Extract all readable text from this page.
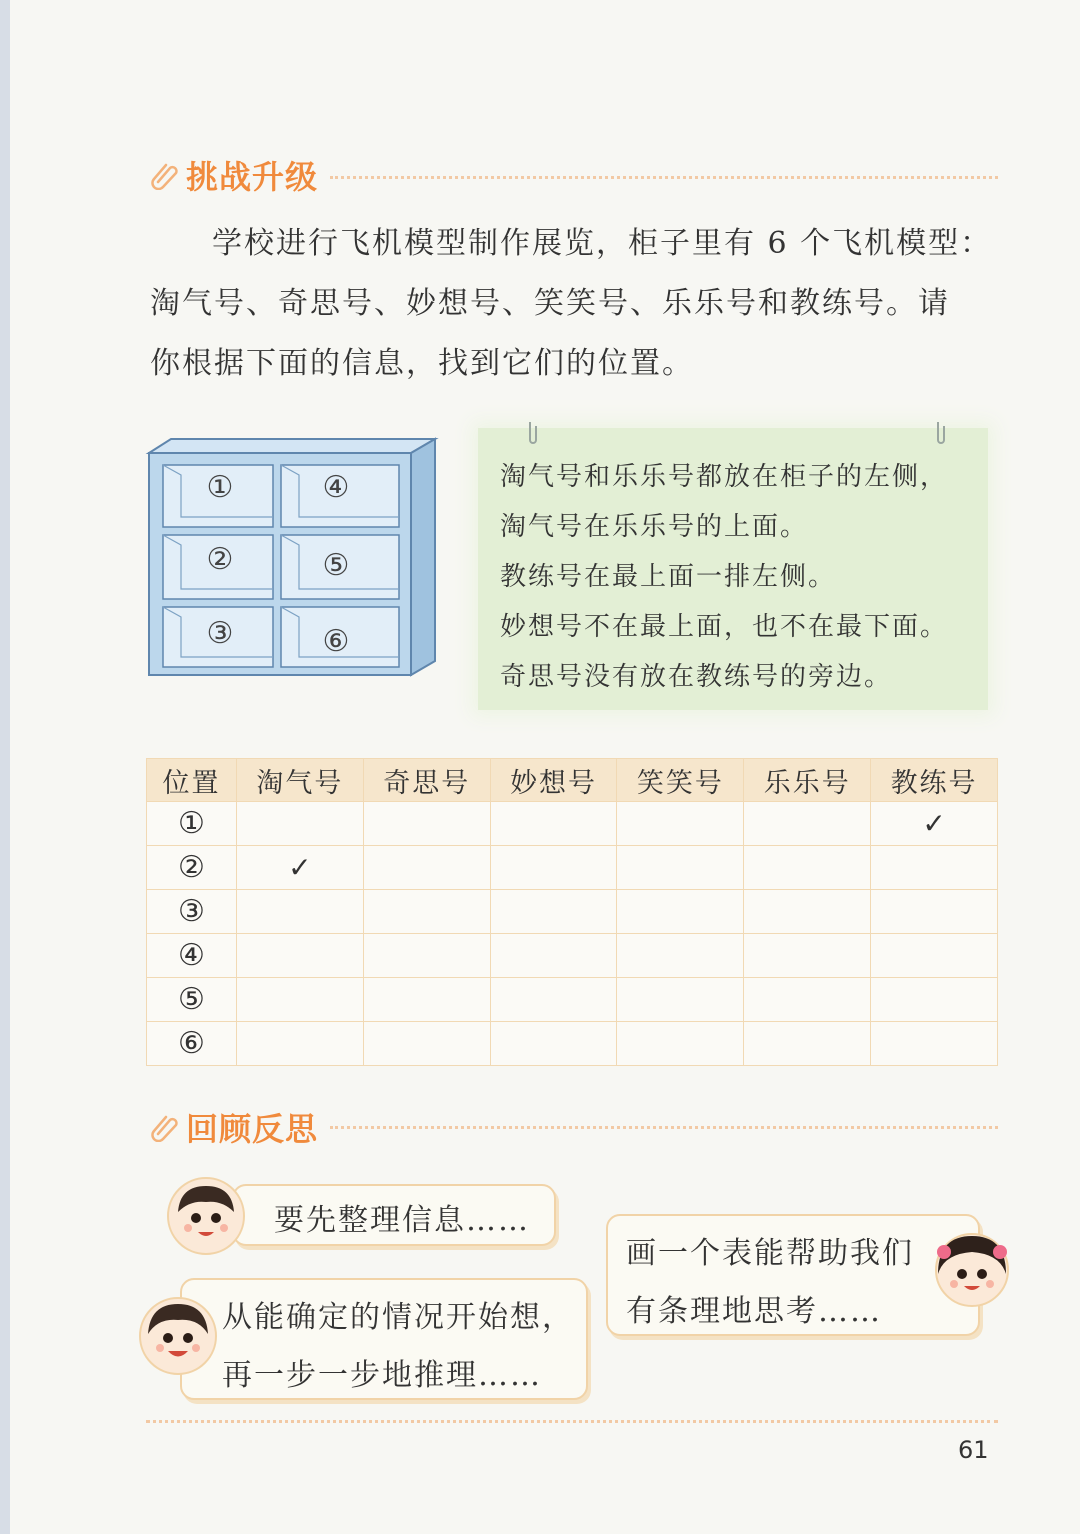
挑战升级

学校进行飞机模型制作展览，柜子里有 6 个飞机模型：

淘气号、奇思号、妙想号、笑笑号、乐乐号和教练号。请

你根据下面的信息，找到它们的位置。

①

②

③

④

⑤

⑥

淘气号和乐乐号都放在柜子的左侧，
淘气号在乐乐号的上面。
教练号在最上面一排左侧。
妙想号不在最上面，也不在最下面。
奇思号没有放在教练号的旁边。
位置	淘气号	奇思号	妙想号	笑笑号	乐乐号	教练号
①						✓
②	✓					
③						
④						
⑤						
⑥						
回顾反思

要先整理信息……

从能确定的情况开始想，

再一步一步地推理……

画一个表能帮助我们

有条理地思考……

61
